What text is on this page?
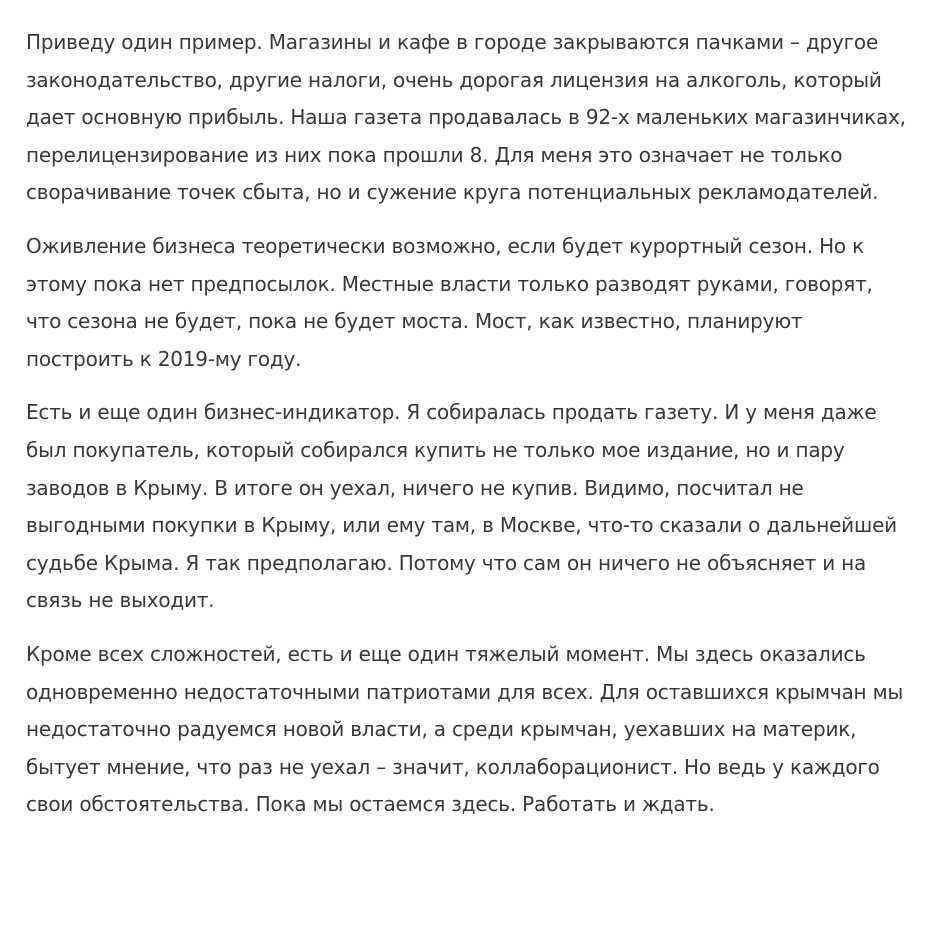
Приведу один пример. Магазины и кафе в городе закрываются пачками – другое законодательство, другие налоги, очень дорогая лицензия на алкоголь, который дает основную прибыль. Наша газета продавалась в 92-х маленьких магазинчиках, перелицензирование из них пока прошли 8. Для меня это означает не только сворачивание точек сбыта, но и сужение круга потенциальных рекламодателей.

Оживление бизнеса теоретически возможно, если будет курортный сезон. Но к этому пока нет предпосылок. Местные власти только разводят руками, говорят, что сезона не будет, пока не будет моста. Мост, как известно, планируют построить к 2019-му году.

Есть и еще один бизнес-индикатор. Я собиралась продать газету. И у меня даже был покупатель, который собирался купить не только мое издание, но и пару заводов в Крыму. В итоге он уехал, ничего не купив. Видимо, посчитал не выгодными покупки в Крыму, или ему там, в Москве, что-то сказали о дальнейшей судьбе Крыма. Я так предполагаю. Потому что сам он ничего не объясняет и на связь не выходит.

Кроме всех сложностей, есть и еще один тяжелый момент. Мы здесь оказались одновременно недостаточными патриотами для всех. Для оставшихся крымчан мы недостаточно радуемся новой власти, а среди крымчан, уехавших на материк, бытует мнение, что раз не уехал – значит, коллаборационист. Но ведь у каждого свои обстоятельства. Пока мы остаемся здесь. Работать и ждать.
